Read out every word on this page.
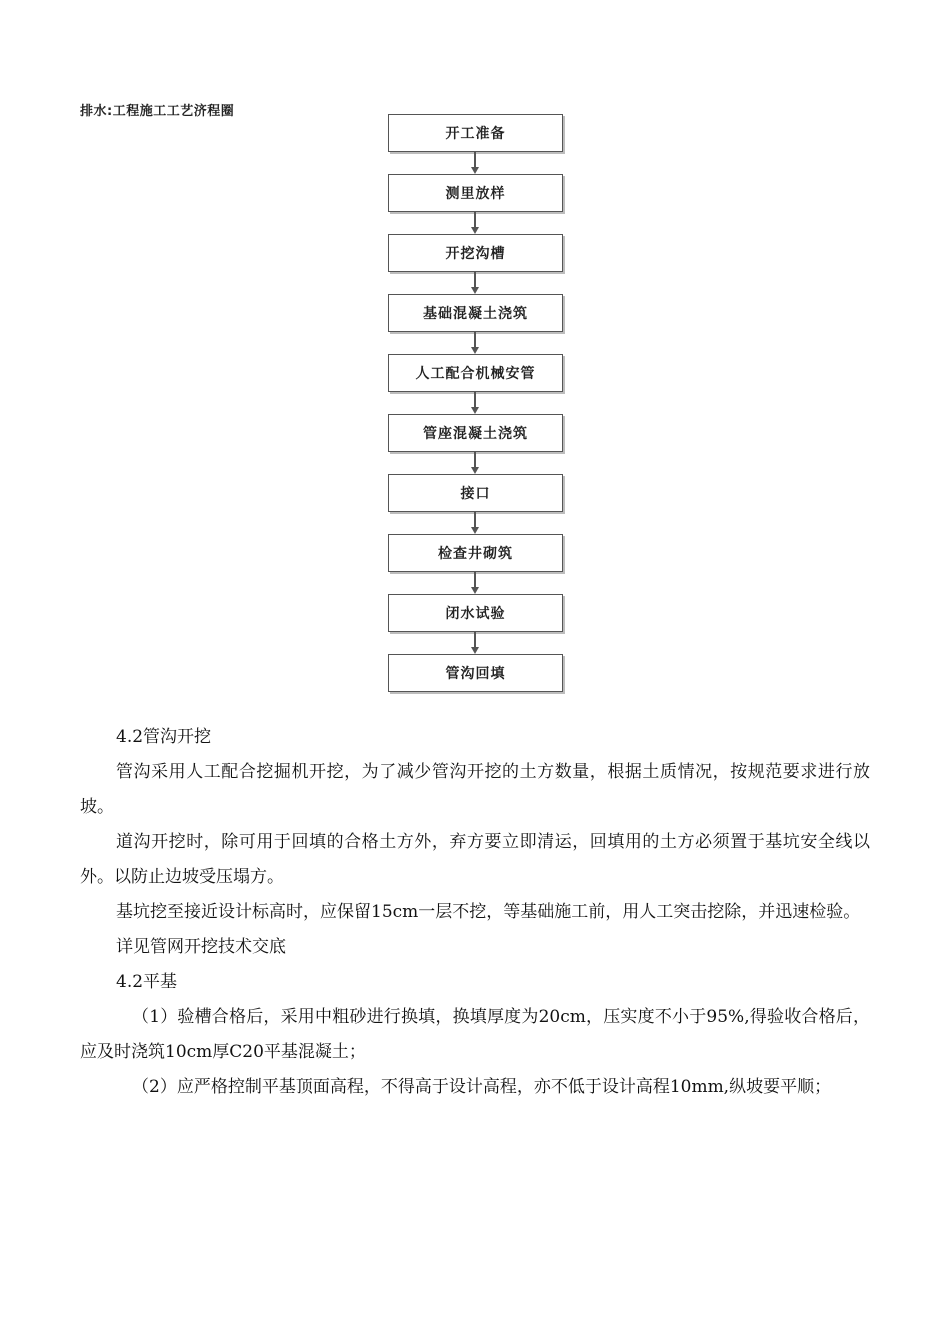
排水:工程施工工艺济程圈
开工准备
测里放样
开挖沟槽
基础混凝土浇筑
人工配合机械安管
管座混凝土浇筑
接口
检查井砌筑
闭水试验
管沟回填

4.2管沟开挖

管沟采用人工配合挖掘机开挖，为了减少管沟开挖的土方数量，根据土质情况，按规范要求进行放坡。

道沟开挖时，除可用于回填的合格土方外，弃方要立即清运，回填用的土方必须置于基坑安全线以外。以防止边坡受压塌方。

基坑挖至接近设计标高时，应保留15cm一层不挖，等基础施工前，用人工突击挖除，并迅速检验。

详见管网开挖技术交底

4.2平基

（1）验槽合格后，采用中粗砂进行换填，换填厚度为20cm，压实度不小于95%,得验收合格后，应及时浇筑10cm厚C20平基混凝土；

（2）应严格控制平基顶面高程，不得高于设计高程，亦不低于设计高程10mm,纵坡要平顺；
